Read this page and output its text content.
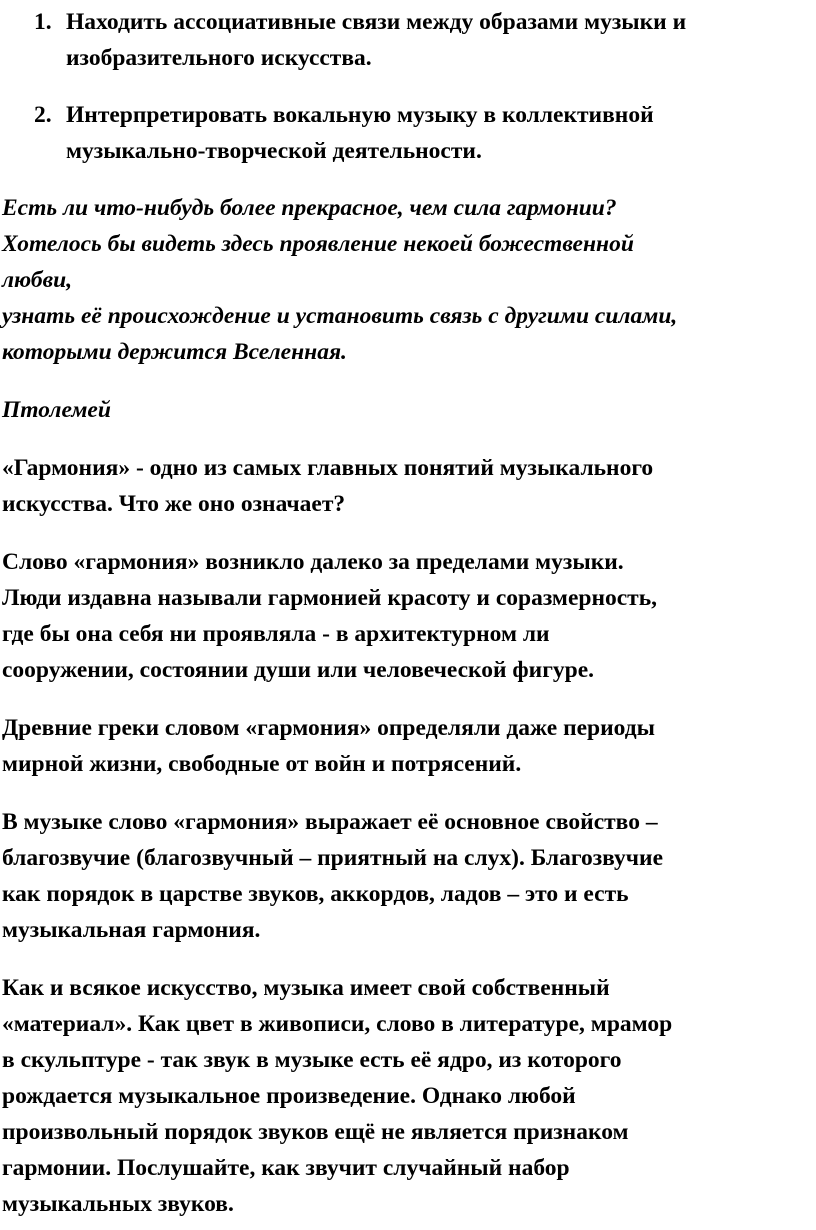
1. Находить ассоциативные связи между образами музыки и
изобразительного искусства.
2. Интерпретировать вокальную музыку в коллективной
музыкально-творческой деятельности.

Есть ли что-нибудь более прекрасное, чем сила гармонии?
Хотелось бы видеть здесь проявление некоей божественной
любви,
узнать её происхождение и установить связь с другими силами,
которыми держится Вселенная.

Птолемей

«Гармония» - одно из самых главных понятий музыкального
искусства. Что же оно означает?

Слово «гармония» возникло далеко за пределами музыки.
Люди издавна называли гармонией красоту и соразмерность,
где бы она себя ни проявляла - в архитектурном ли
сооружении, состоянии души или человеческой фигуре.

Древние греки словом «гармония» определяли даже периоды
мирной жизни, свободные от войн и потрясений.

В музыке слово «гармония» выражает её основное свойство –
благозвучие (благозвучный – приятный на слух). Благозвучие
как порядок в царстве звуков, аккордов, ладов – это и есть
музыкальная гармония.

Как и всякое искусство, музыка имеет свой собственный
«материал». Как цвет в живописи, слово в литературе, мрамор
в скульптуре - так звук в музыке есть её ядро, из которого
рождается музыкальное произведение. Однако любой
произвольный порядок звуков ещё не является признаком
гармонии. Послушайте, как звучит случайный набор
музыкальных звуков.
